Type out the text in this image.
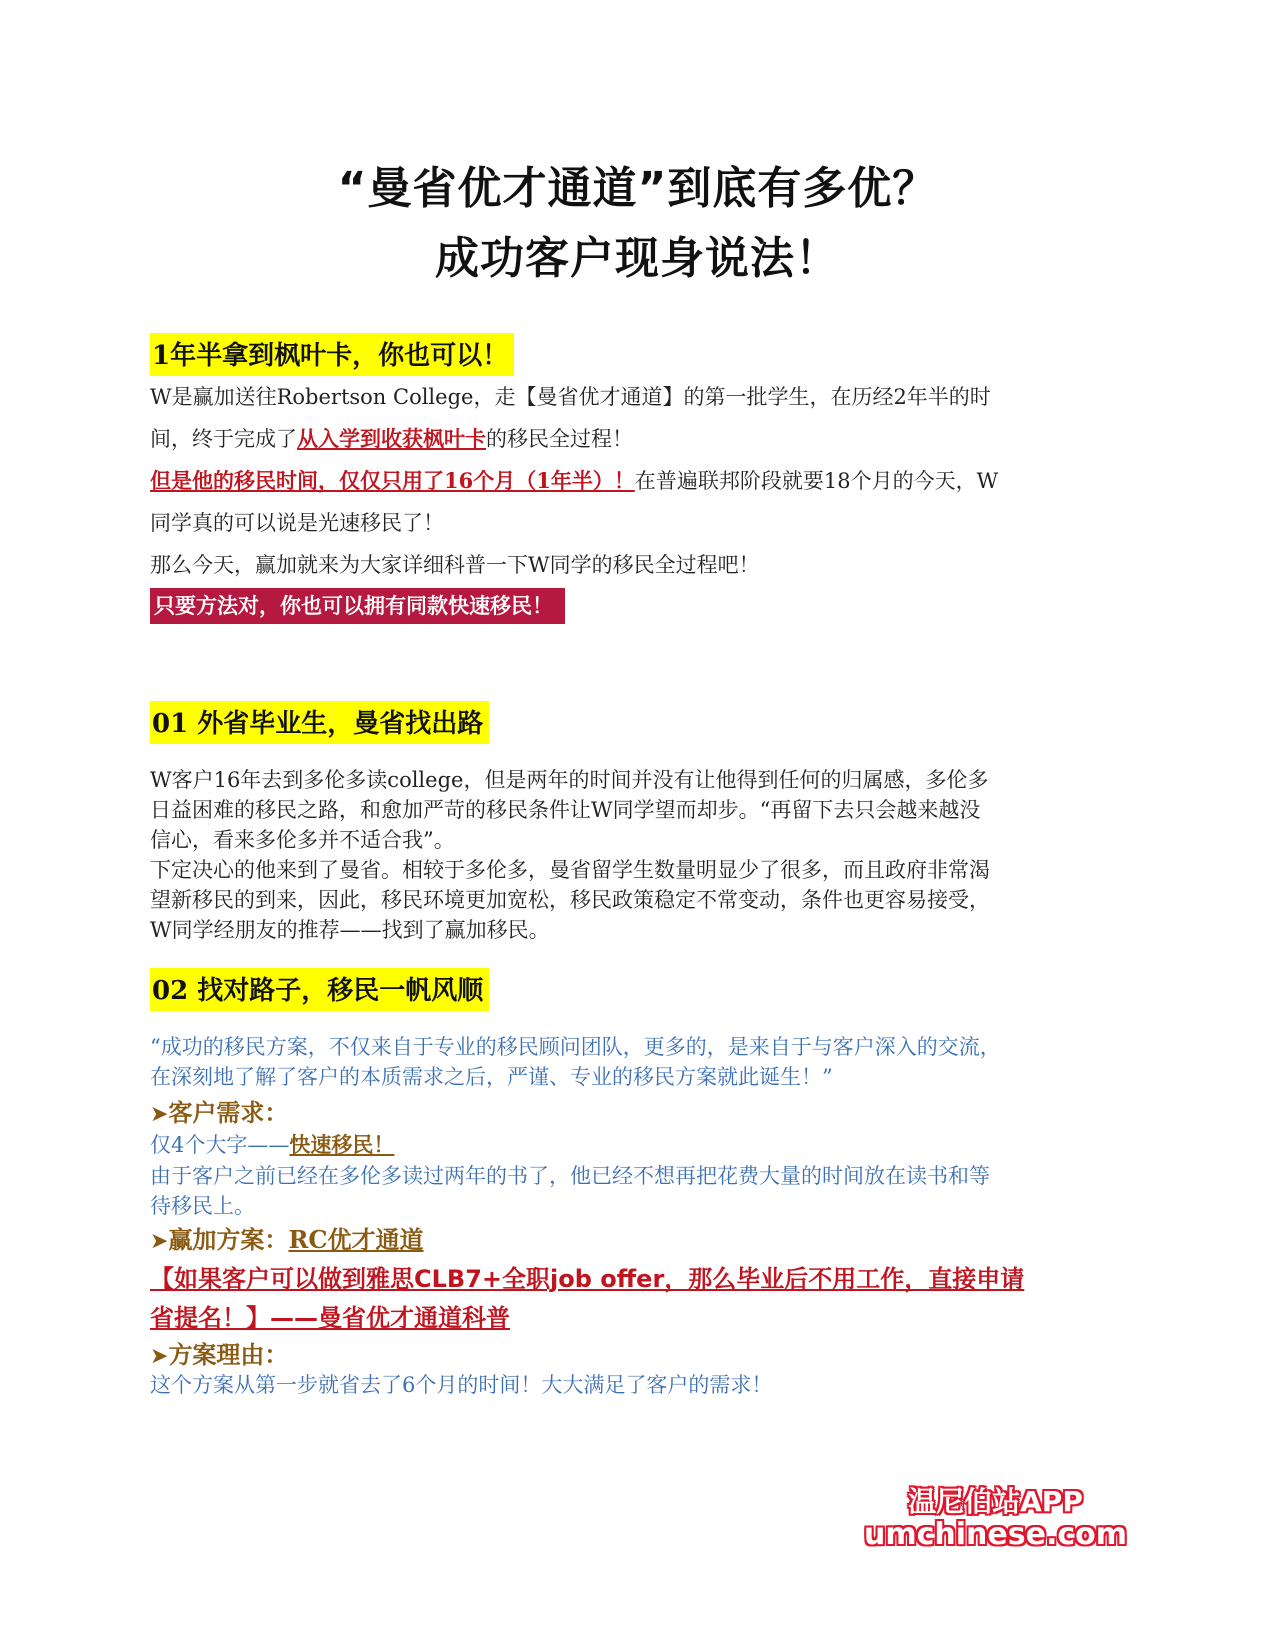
“曼省优才通道”到底有多优？
成功客户现身说法！
1年半拿到枫叶卡，你也可以！
W是赢加送往Robertson College，走【曼省优才通道】的第一批学生，在历经2年半的时
间，终于完成了从入学到收获枫叶卡的移民全过程！
但是他的移民时间，仅仅只用了16个月（1年半）！在普遍联邦阶段就要18个月的今天，W
同学真的可以说是光速移民了！
那么今天，赢加就来为大家详细科普一下W同学的移民全过程吧！
只要方法对，你也可以拥有同款快速移民！
01 外省毕业生，曼省找出路
W客户16年去到多伦多读college，但是两年的时间并没有让他得到任何的归属感，多伦多
日益困难的移民之路，和愈加严苛的移民条件让W同学望而却步。“再留下去只会越来越没
信心，看来多伦多并不适合我”。
下定决心的他来到了曼省。相较于多伦多，曼省留学生数量明显少了很多，而且政府非常渴
望新移民的到来，因此，移民环境更加宽松，移民政策稳定不常变动，条件也更容易接受，
W同学经朋友的推荐——找到了赢加移民。
02 找对路子，移民一帆风顺
“成功的移民方案，不仅来自于专业的移民顾问团队，更多的，是来自于与客户深入的交流，
在深刻地了解了客户的本质需求之后，严谨、专业的移民方案就此诞生！”
➤客户需求：
仅4个大字——快速移民！
由于客户之前已经在多伦多读过两年的书了，他已经不想再把花费大量的时间放在读书和等
待移民上。
➤赢加方案：RC优才通道
【如果客户可以做到雅思CLB7+全职job offer，那么毕业后不用工作，直接申请
省提名！】——曼省优才通道科普
➤方案理由：
这个方案从第一步就省去了6个月的时间！大大满足了客户的需求！
温尼伯站APP
umchinese.com
